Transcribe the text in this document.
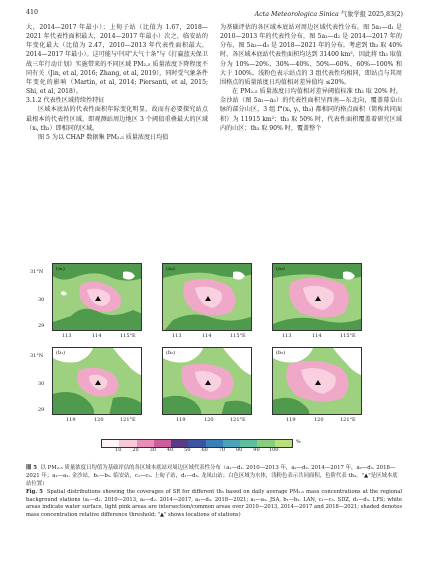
410	Acta Meteorologica Sinica 气象学报 2025,83(2)

大，2014—2017 年最小）；上甸子站（比值为 1.67，2018—2021 年代表性面积最大，2014—2017 年最小）次之，临安站的年变化最大（比值为 2.47，2010—2013 年代表性面积最大，2014—2017 年最小）。这可能与中国"大气十条"与《打赢蓝天保卫战三年行动计划》实施带来的不同区域 PM₂.₅ 质量浓度下降程度不同有关（Jin, et al, 2016; Zhang, et al, 2019），同时受气象条件年变化的影响（Martin, et al, 2014; Piersanti, et al, 2015; Shi, et al, 2018）。

3.1.2 代表性区域持续性特征

区域本底站的代表性面积年际变化明显，故而有必要探究站点最根本的代表性区域，即观测站周边地区 3 个阈值重叠最大的区域（xᵢ, th₃）即相同的区域。

图 5 为以 CHAP 数据集 PM₂.₅ 质量浓度日均值

为基础评估的各区域本底站对周边区域代表性分布。图 5a₁—d₁ 是 2010—2013 年的代表性分布，图 5a₂—d₂ 是 2014—2017 年的分布，图 5a₃—d₃ 是 2018—2021 年的分布。考虑到 th₃ 取 40% 时，各区域本底站代表性面积均达到 31400 km²，因此将 th₃ 取值分为 10%—20%、30%—40%、50%—60%、60%—100% 和大于 100%。浅粉色表示站点的 3 组代表性均相同，即站点与其周围格点的质量浓度日均值相对差异值均 ≤20%。

在 PM₂.₅ 质量浓度日均值相对差异阈值标准 th₃ 取 20% 时，金沙站（图 5a₁—a₃）的代表性面积呈西南—东北向，覆盖幕阜山脉的部分山区，3 组 f°(xᵢ, yᵢ, th₃) 都相同的格点面积（简称共同面积）为 11915 km²；th₃ 取 50% 时，代表性面积覆盖着研究区域内的山区；th₃ 取 90% 时，覆盖整个

31°N
30
29
(a₁)	(a₂)	(a₃)
113	114	115°E	113	114	115°E	113	114	115°E
31°N
30
29
(b₁)	(b₂)	(b₃)
119	120	121°E	119	120	121°E	119	120	121°E
10 20 30 40 50 60 70 80 90 100
%
图 5 以 PM₂.₅ 质量浓度日均值为基础评估的各区域本底站对周边区域代表性分布（a₁—d₁. 2010—2013 年，a₂—d₂. 2014—2017 年，a₃—d₃. 2018—2021 年；a₁—a₃. 金沙站，b₁—b₃. 临安站，c₁—c₃. 上甸子站，d₁—d₃. 龙凤山站；白色区域为水体，浅粉色表示共同面积，色阶代表 th₃，"▲"是区域本底站位置）
Fig. 5 Spatial distributions showing the coverages of SR for different th₃ based on daily average PM₂.₅ mass concentrations at the regional background stations (a₁—d₁. 2010—2013, a₂—d₂. 2014—2017, a₃—d₃. 2018—2021; a₁—a₃. JSA, b₁—b₃. LAN, c₁—c₃. SDZ, d₁—d₃. LFS; white areas indicate water surface, light pink areas are intersection/common areas over 2010—2013, 2014—2017 and 2018—2021; shaded denotes mass concentration relative difference threshold; "▲" shows locations of stations)
